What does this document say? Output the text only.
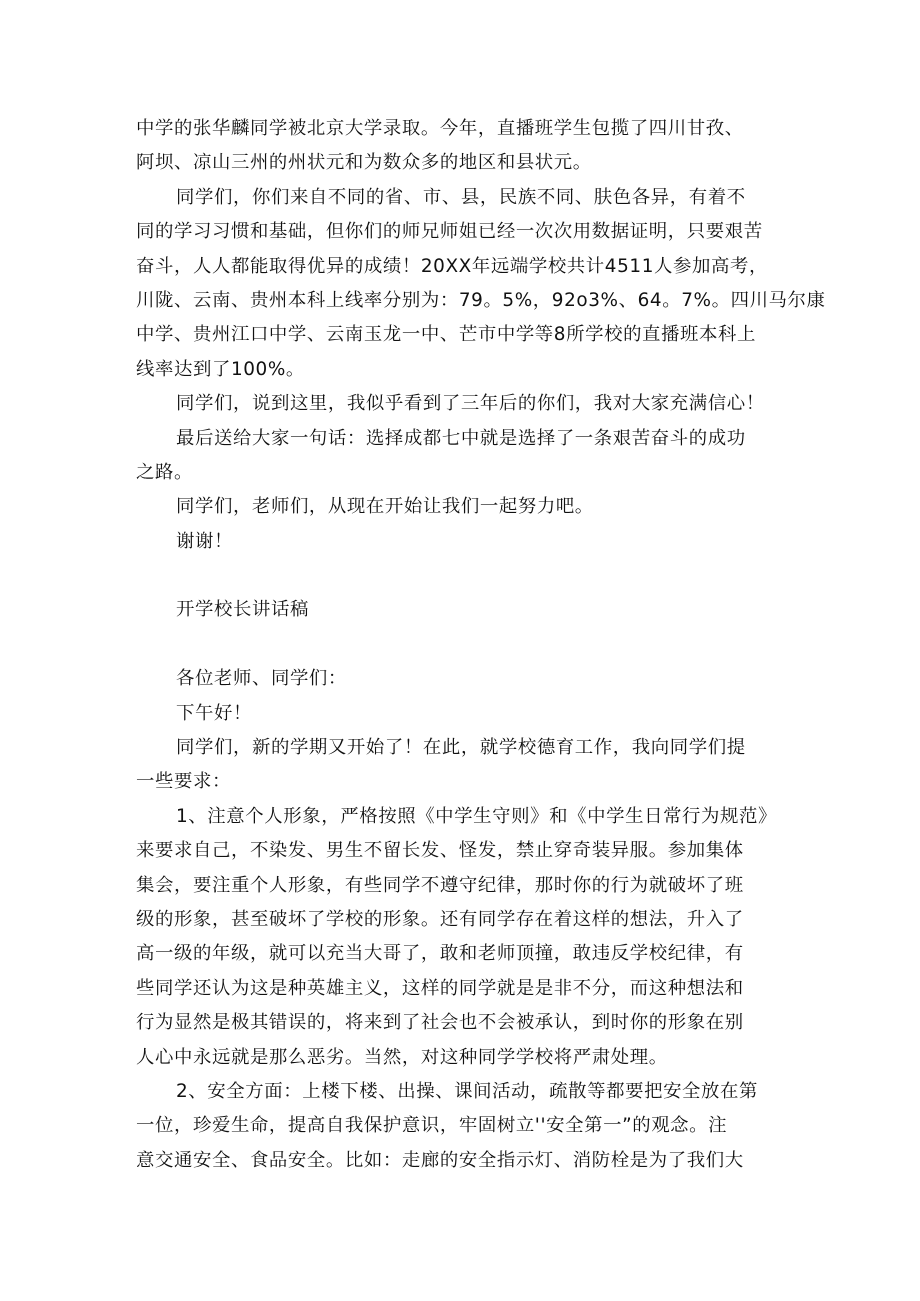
中学的张华麟同学被北京大学录取。今年，直播班学生包揽了四川甘孜、
阿坝、凉山三州的州状元和为数众多的地区和县状元。
同学们，你们来自不同的省、市、县，民族不同、肤色各异，有着不
同的学习习惯和基础，但你们的师兄师姐已经一次次用数据证明，只要艰苦
奋斗，人人都能取得优异的成绩！20XX年远端学校共计4511人参加高考，
川陇、云南、贵州本科上线率分别为：79。5%，92o3%、64。7%。四川马尔康
中学、贵州江口中学、云南玉龙一中、芒市中学等8所学校的直播班本科上
线率达到了100%。
同学们，说到这里，我似乎看到了三年后的你们，我对大家充满信心！
最后送给大家一句话：选择成都七中就是选择了一条艰苦奋斗的成功
之路。
同学们，老师们，从现在开始让我们一起努力吧。
谢谢！
开学校长讲话稿
各位老师、同学们：
下午好！
同学们，新的学期又开始了！在此，就学校德育工作，我向同学们提
一些要求：
1、注意个人形象，严格按照《中学生守则》和《中学生日常行为规范》
来要求自己，不染发、男生不留长发、怪发，禁止穿奇装异服。参加集体
集会，要注重个人形象，有些同学不遵守纪律，那时你的行为就破坏了班
级的形象，甚至破坏了学校的形象。还有同学存在着这样的想法，升入了
高一级的年级，就可以充当大哥了，敢和老师顶撞，敢违反学校纪律，有
些同学还认为这是种英雄主义，这样的同学就是是非不分，而这种想法和
行为显然是极其错误的，将来到了社会也不会被承认，到时你的形象在别
人心中永远就是那么恶劣。当然，对这种同学学校将严肃处理。
2、安全方面：上楼下楼、出操、课间活动，疏散等都要把安全放在第
一位，珍爱生命，提高自我保护意识，牢固树立''安全第一”的观念。注
意交通安全、食品安全。比如：走廊的安全指示灯、消防栓是为了我们大
